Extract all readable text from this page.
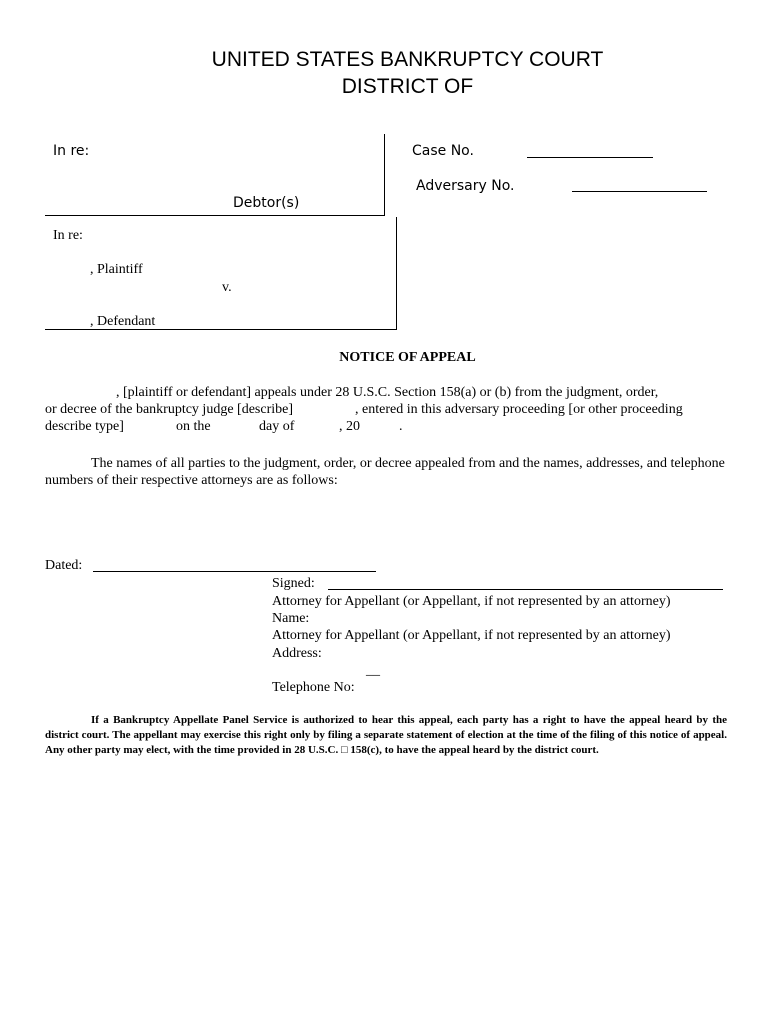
UNITED STATES BANKRUPTCY COURT
DISTRICT OF
In re:
Debtor(s)
Case No.
Adversary No.
In re:
, Plaintiff
v.
, Defendant
NOTICE OF APPEAL
, [plaintiff or defendant] appeals under 28 U.S.C. Section 158(a) or (b) from the judgment, order,
or decree of the bankruptcy judge [describe]	, entered in this adversary proceeding [or other proceeding
describe type]	on the	day of	, 20	.
The names of all parties to the judgment, order, or decree appealed from and the names, addresses, and telephone numbers of their respective attorneys are as follows:
Dated:
Signed:
Attorney for Appellant (or Appellant, if not represented by an attorney)
Name:
Attorney for Appellant (or Appellant, if not represented by an attorney)
Address:
__
Telephone No:
If a Bankruptcy Appellate Panel Service is authorized to hear this appeal, each party has a right to have the appeal heard by the district court. The appellant may exercise this right only by filing a separate statement of election at the time of the filing of this notice of appeal. Any other party may elect, with the time provided in 28 U.S.C. □ 158(c), to have the appeal heard by the district court.
